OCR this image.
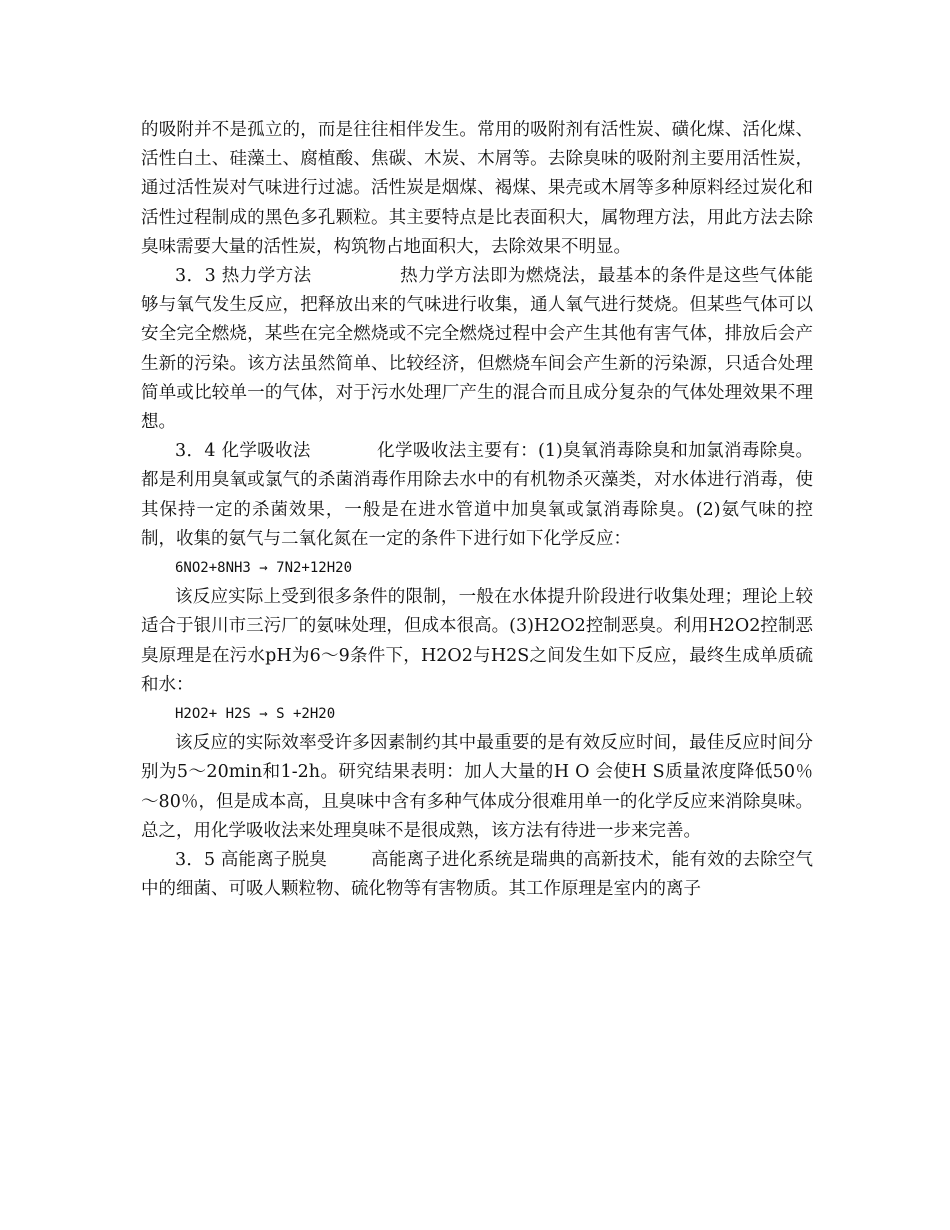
的吸附并不是孤立的，而是往往相伴发生。常用的吸附剂有活性炭、磺化煤、活化煤、活性白土、硅藻土、腐植酸、焦碳、木炭、木屑等。去除臭味的吸附剂主要用活性炭，通过活性炭对气味进行过滤。活性炭是烟煤、褐煤、果壳或木屑等多种原料经过炭化和活性过程制成的黑色多孔颗粒。其主要特点是比表面积大，属物理方法，用此方法去除臭味需要大量的活性炭，构筑物占地面积大，去除效果不明显。

3．3 热力学方法	热力学方法即为燃烧法，最基本的条件是这些气体能够与氧气发生反应，把释放出来的气味进行收集，通人氧气进行焚烧。但某些气体可以安全完全燃烧，某些在完全燃烧或不完全燃烧过程中会产生其他有害气体，排放后会产生新的污染。该方法虽然简单、比较经济，但燃烧车间会产生新的污染源，只适合处理简单或比较单一的气体，对于污水处理厂产生的混合而且成分复杂的气体处理效果不理想。

3．4 化学吸收法	化学吸收法主要有：(1)臭氧消毒除臭和加氯消毒除臭。都是利用臭氧或氯气的杀菌消毒作用除去水中的有机物杀灭藻类，对水体进行消毒，使其保持一定的杀菌效果，一般是在进水管道中加臭氧或氯消毒除臭。(2)氨气味的控制，收集的氨气与二氧化氮在一定的条件下进行如下化学反应：

6NO2+8NH3 → 7N2+12H20

该反应实际上受到很多条件的限制，一般在水体提升阶段进行收集处理；理论上较适合于银川市三污厂的氨味处理，但成本很高。(3)H2O2控制恶臭。利用H2O2控制恶臭原理是在污水pH为6～9条件下，H2O2与H2S之间发生如下反应，最终生成单质硫和水：

H2O2+ H2S → S +2H20

该反应的实际效率受许多因素制约其中最重要的是有效反应时间，最佳反应时间分别为5～20min和1-2h。研究结果表明：加人大量的H O 会使H S质量浓度降低50％～80％，但是成本高，且臭味中含有多种气体成分很难用单一的化学反应来消除臭味。总之，用化学吸收法来处理臭味不是很成熟，该方法有待进一步来完善。

3．5 高能离子脱臭	高能离子进化系统是瑞典的高新技术，能有效的去除空气中的细菌、可吸人颗粒物、硫化物等有害物质。其工作原理是室内的离子
